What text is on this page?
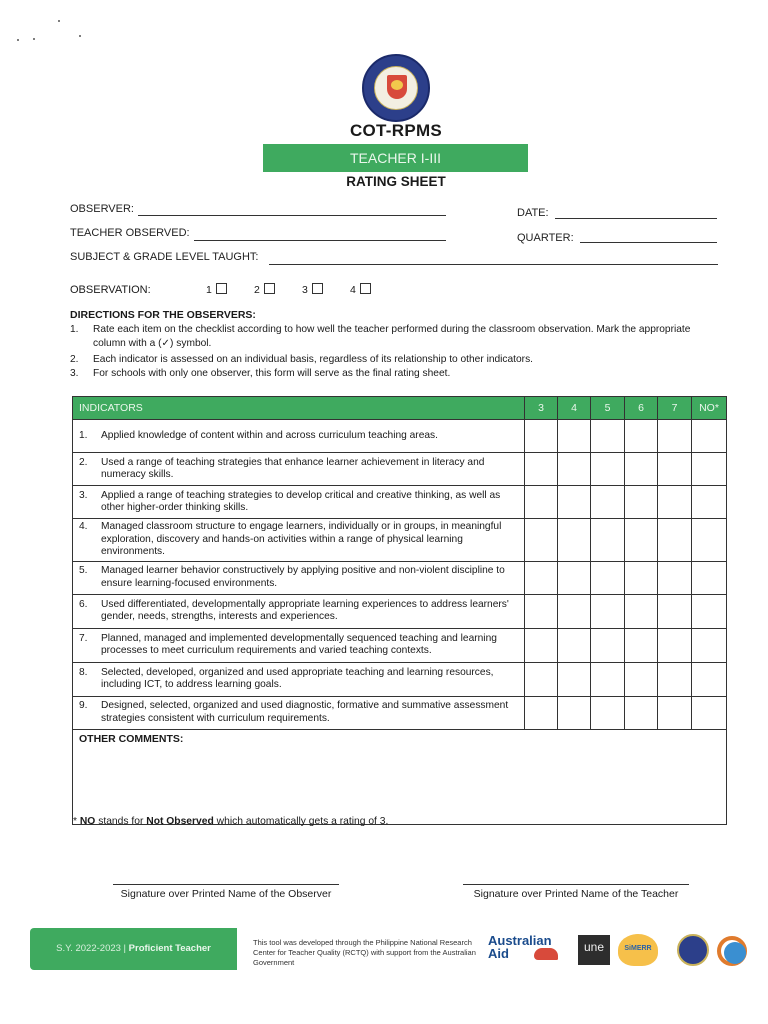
COT-RPMS
TEACHER I-III
RATING SHEET
OBSERVER:	DATE:
TEACHER OBSERVED:	QUARTER:
SUBJECT & GRADE LEVEL TAUGHT:
OBSERVATION:	1	2	3	4
DIRECTIONS FOR THE OBSERVERS:
1. Rate each item on the checklist according to how well the teacher performed during the classroom observation. Mark the appropriate column with a (✓) symbol.
2. Each indicator is assessed on an individual basis, regardless of its relationship to other indicators.
3. For schools with only one observer, this form will serve as the final rating sheet.
INDICATORS	3	4	5	6	7	NO*
1. Applied knowledge of content within and across curriculum teaching areas.						
2. Used a range of teaching strategies that enhance learner achievement in literacy and numeracy skills.						
3. Applied a range of teaching strategies to develop critical and creative thinking, as well as other higher-order thinking skills.						
4. Managed classroom structure to engage learners, individually or in groups, in meaningful exploration, discovery and hands-on activities within a range of physical learning environments.						
5. Managed learner behavior constructively by applying positive and non-violent discipline to ensure learning-focused environments.						
6. Used differentiated, developmentally appropriate learning experiences to address learners' gender, needs, strengths, interests and experiences.						
7. Planned, managed and implemented developmentally sequenced teaching and learning processes to meet curriculum requirements and varied teaching contexts.						
8. Selected, developed, organized and used appropriate teaching and learning resources, including ICT, to address learning goals.						
9. Designed, selected, organized and used diagnostic, formative and summative assessment strategies consistent with curriculum requirements.						
OTHER COMMENTS:						
* NO stands for Not Observed which automatically gets a rating of 3.
Signature over Printed Name of the Observer	Signature over Printed Name of the Teacher
S.Y. 2022-2023 | Proficient Teacher
This tool was developed through the Philippine National Research Center for Teacher Quality (RCTQ) with support from the Australian Government
Australian
Aid	une	SiMERR
